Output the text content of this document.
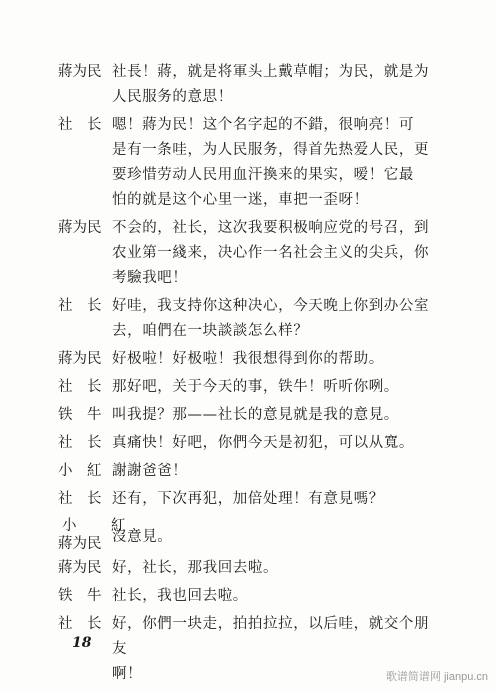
蔣为民 社長！蔣，就是将軍头上戴草帽；为民，就是为
人民服务的意思！
社　长 嗯！蔣为民！这个名字起的不錯，很响亮！可
是有一条哇，为人民服务，得首先热爱人民，更
要珍惜劳动人民用血汗換来的果实，嗳！它最
怕的就是这个心里一迷，車把一歪呀！
蔣为民 不会的，社长，这次我要积极响应党的号召，到
农业第一綫来，决心作一名社会主义的尖兵，你
考驗我吧！
社　长 好哇，我支持你这种决心，今天晚上你到办公室
去，咱們在一块談談怎么样？
蔣为民 好极啦！好极啦！我很想得到你的帮助。
社　长 那好吧，关于今天的事，铁牛！听听你咧。
铁　牛 叫我提？那——社长的意見就是我的意見。
社　长 真痛快！好吧，你們今天是初犯，可以从寬。
小　紅 謝謝爸爸！
社　长 还有，下次再犯，加倍处理！有意見嗎？
小　紅
蔣为民 沒意見。
蔣为民 好，社长，那我回去啦。
铁　牛 社长，我也回去啦。
社　长 好，你們一块走，拍拍拉拉，以后哇，就交个朋友
啊！
18
歌谱简谱网 jianpu.cn
